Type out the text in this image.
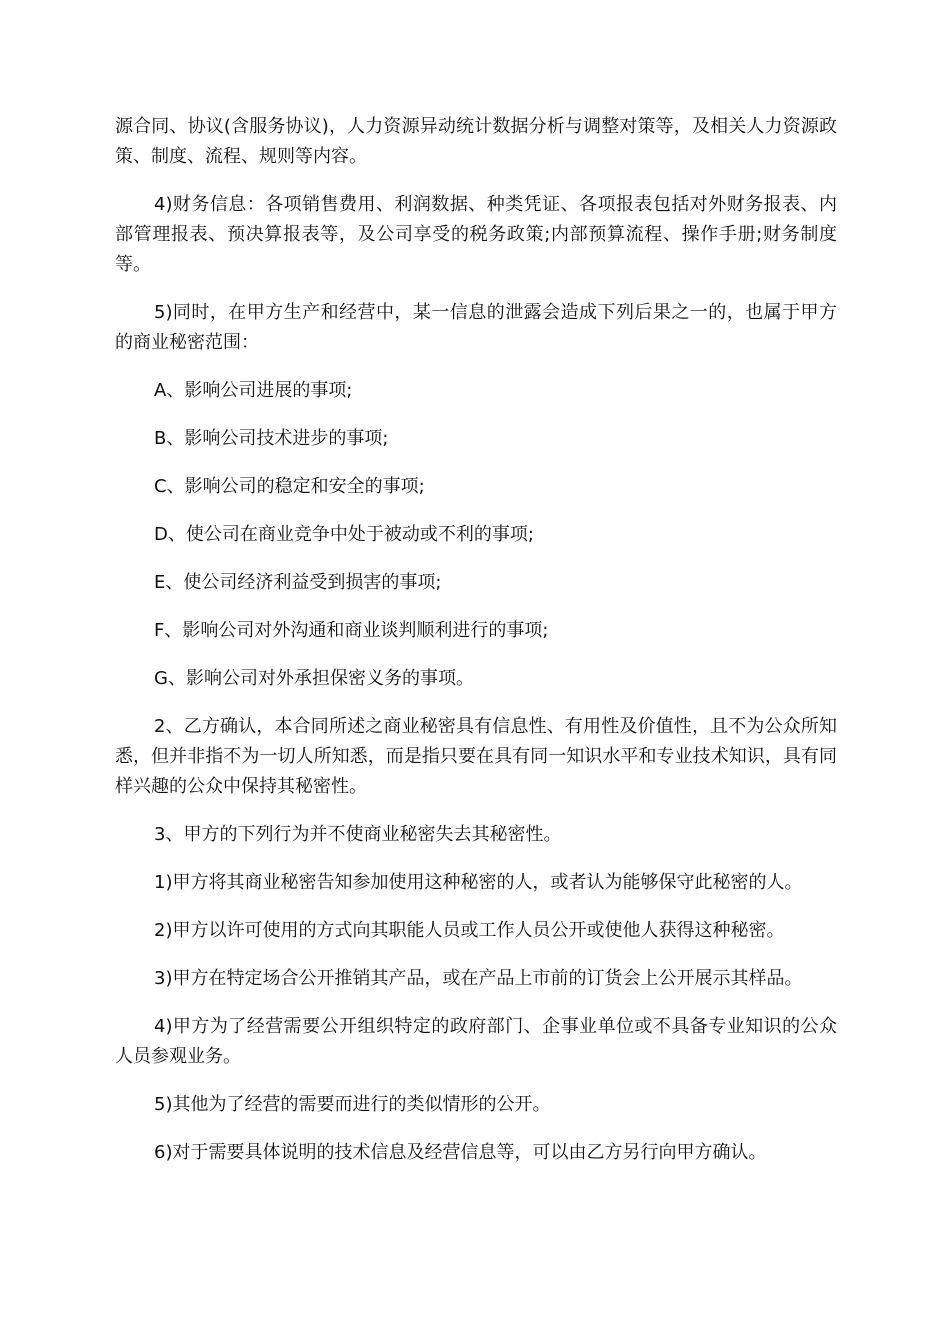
源合同、协议(含服务协议)，人力资源异动统计数据分析与调整对策等，及相关人力资源政策、制度、流程、规则等内容。

4)财务信息：各项销售费用、利润数据、种类凭证、各项报表包括对外财务报表、内部管理报表、预决算报表等，及公司享受的税务政策;内部预算流程、操作手册;财务制度等。

5)同时，在甲方生产和经营中，某一信息的泄露会造成下列后果之一的，也属于甲方的商业秘密范围：

A、影响公司进展的事项;

B、影响公司技术进步的事项;

C、影响公司的稳定和安全的事项;

D、使公司在商业竞争中处于被动或不利的事项;

E、使公司经济利益受到损害的事项;

F、影响公司对外沟通和商业谈判顺利进行的事项;

G、影响公司对外承担保密义务的事项。

2、乙方确认，本合同所述之商业秘密具有信息性、有用性及价值性，且不为公众所知悉，但并非指不为一切人所知悉，而是指只要在具有同一知识水平和专业技术知识，具有同样兴趣的公众中保持其秘密性。

3、甲方的下列行为并不使商业秘密失去其秘密性。

1)甲方将其商业秘密告知参加使用这种秘密的人，或者认为能够保守此秘密的人。

2)甲方以许可使用的方式向其职能人员或工作人员公开或使他人获得这种秘密。

3)甲方在特定场合公开推销其产品，或在产品上市前的订货会上公开展示其样品。

4)甲方为了经营需要公开组织特定的政府部门、企事业单位或不具备专业知识的公众人员参观业务。

5)其他为了经营的需要而进行的类似情形的公开。

6)对于需要具体说明的技术信息及经营信息等，可以由乙方另行向甲方确认。
